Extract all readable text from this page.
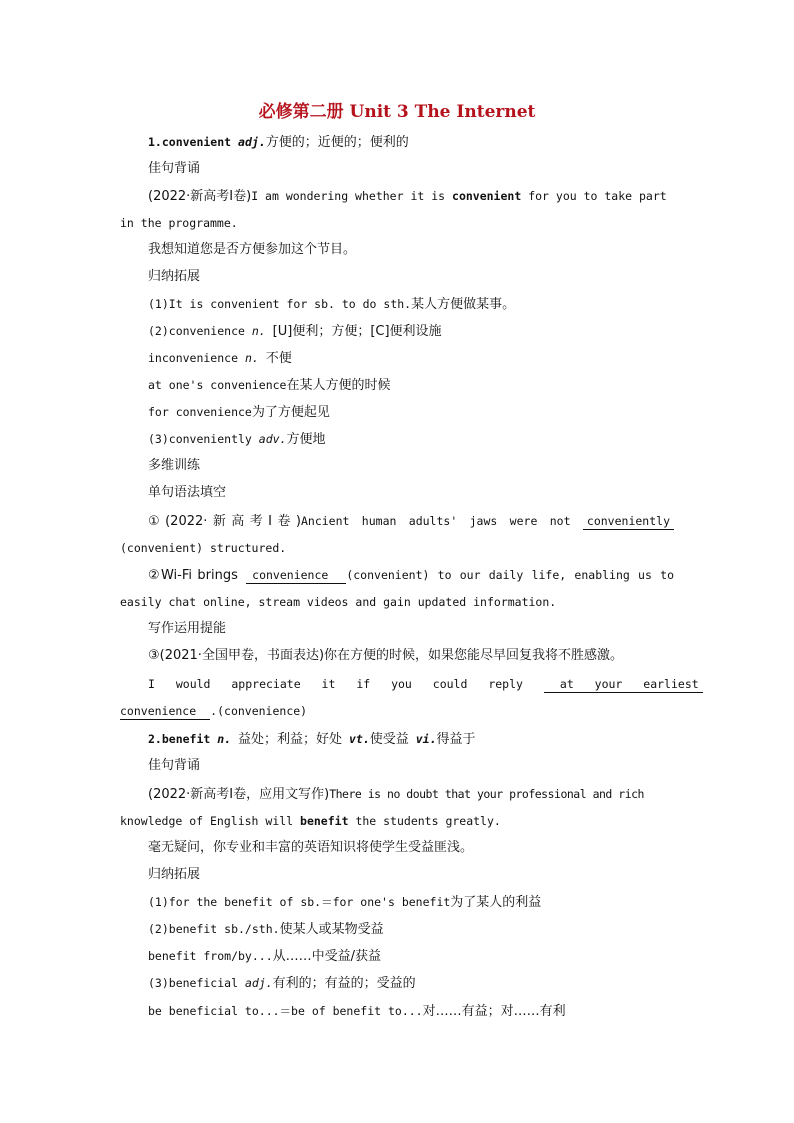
必修第二册 Unit 3 The Internet
1.convenient adj.方便的；近便的；便利的
佳句背诵
(2022·新高考Ⅰ卷)I am wondering whether it is convenient for you to take part
in the programme.
我想知道您是否方便参加这个节目。
归纳拓展
(1)It is convenient for sb. to do sth.某人方便做某事。
(2)convenience n. [U]便利；方便；[C]便利设施
inconvenience n. 不便
at one's convenience在某人方便的时候
for convenience为了方便起见
(3)conveniently adv.方便地
多维训练
单句语法填空
①(2022·新高考Ⅰ卷)Ancient human adults' jaws were not conveniently
(convenient) structured.
②Wi-Fi brings convenience (convenient) to our daily life, enabling us to
easily chat online, stream videos and gain updated information.
写作运用提能
③(2021·全国甲卷，书面表达)你在方便的时候，如果您能尽早回复我将不胜感激。
I would appreciate it if you could reply	at your earliest
convenience .(convenience)
2.benefit n. 益处；利益；好处 vt.使受益 vi.得益于
佳句背诵
(2022·新高考Ⅰ卷，应用文写作)There is no doubt that your professional and rich
knowledge of English will benefit the students greatly.
毫无疑问，你专业和丰富的英语知识将使学生受益匪浅。
归纳拓展
(1)for the benefit of sb.＝for one's benefit为了某人的利益
(2)benefit sb./sth.使某人或某物受益
benefit from/by...从……中受益/获益
(3)beneficial adj.有利的；有益的；受益的
be beneficial to...＝be of benefit to...对……有益；对……有利
